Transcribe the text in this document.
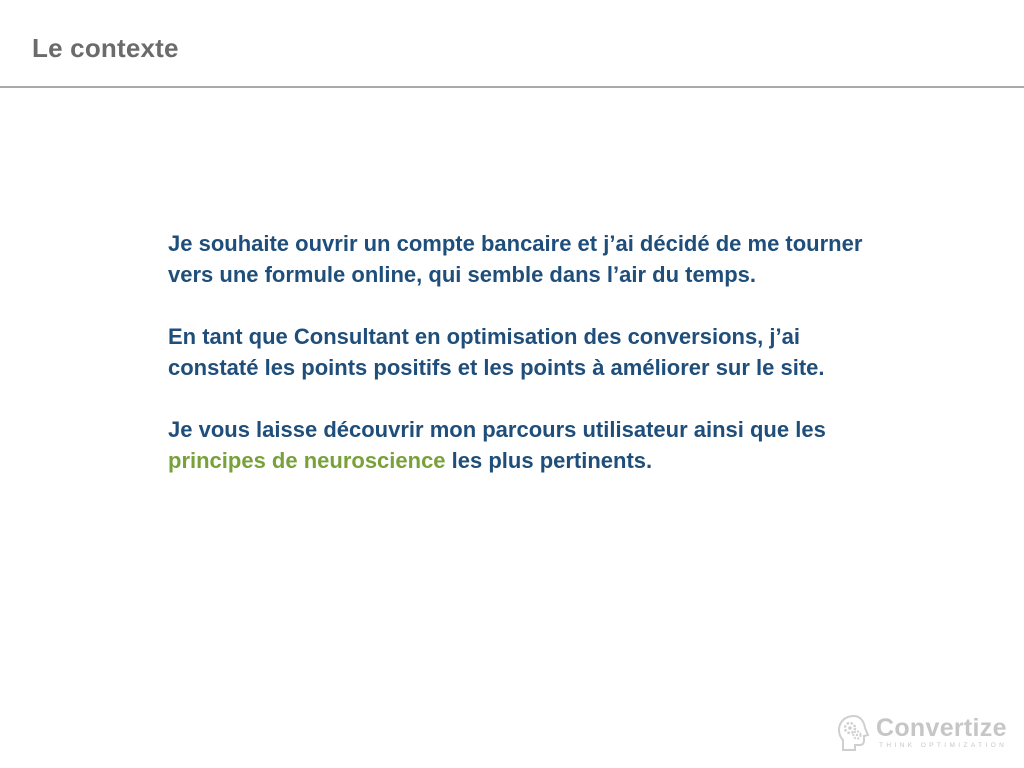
Le contexte

Je souhaite ouvrir un compte bancaire et j’ai décidé de me tourner vers une formule online, qui semble dans l’air du temps.

En tant que Consultant en optimisation des conversions, j’ai constaté les points positifs et les points à améliorer sur le site.

Je vous laisse découvrir mon parcours utilisateur ainsi que les principes de neuroscience les plus pertinents.

Convertize
THINK OPTIMIZATION
